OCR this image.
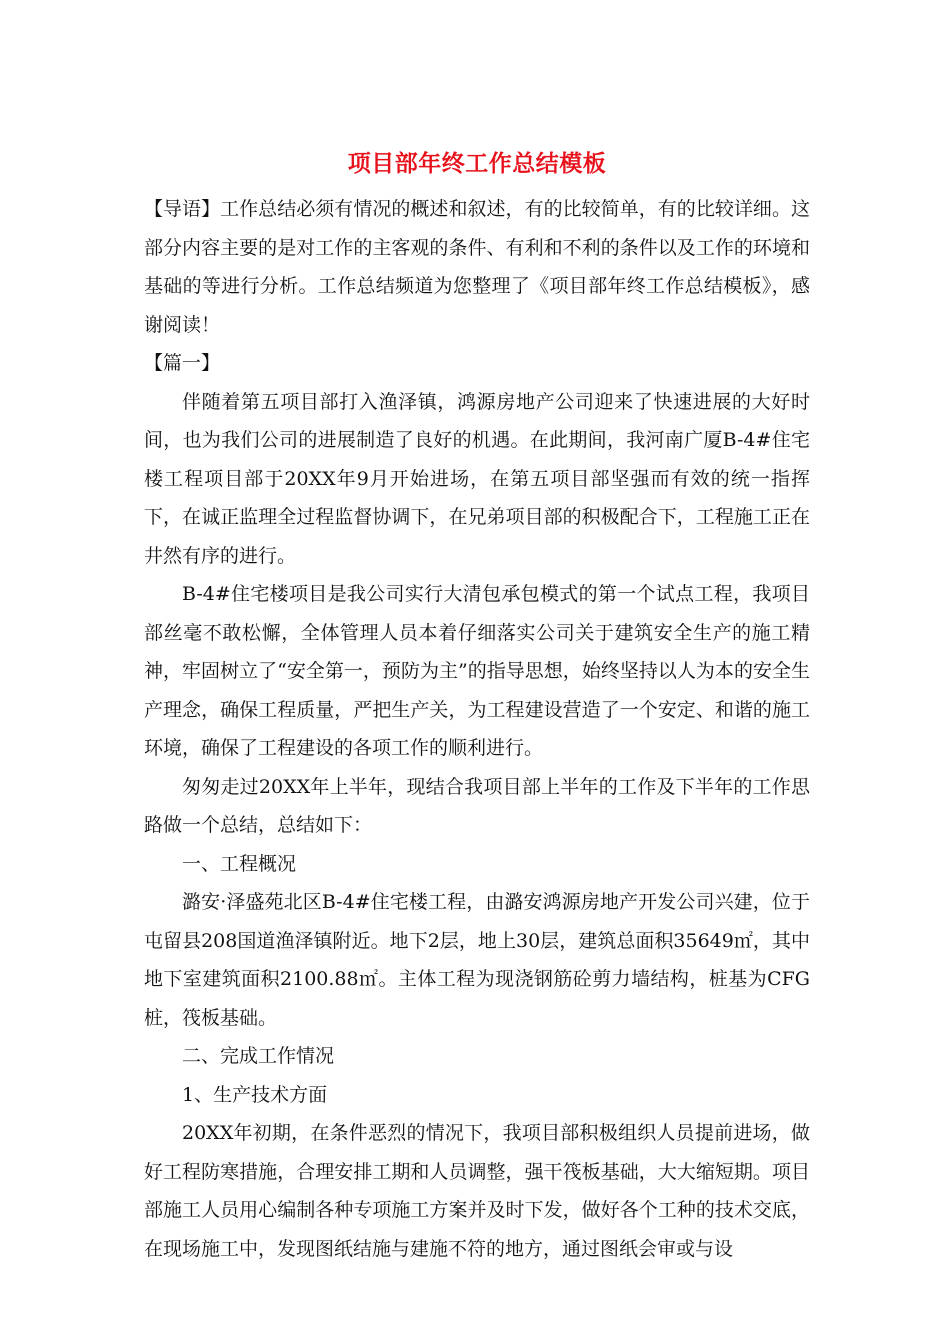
项目部年终工作总结模板

【导语】工作总结必须有情况的概述和叙述，有的比较简单，有的比较详细。这部分内容主要的是对工作的主客观的条件、有利和不利的条件以及工作的环境和基础的等进行分析。工作总结频道为您整理了《项目部年终工作总结模板》，感谢阅读！

【篇一】

伴随着第五项目部打入渔泽镇，鸿源房地产公司迎来了快速进展的大好时间，也为我们公司的进展制造了良好的机遇。在此期间，我河南广厦B-4#住宅楼工程项目部于20XX年9月开始进场，在第五项目部坚强而有效的统一指挥下，在诚正监理全过程监督协调下，在兄弟项目部的积极配合下，工程施工正在井然有序的进行。

B-4#住宅楼项目是我公司实行大清包承包模式的第一个试点工程，我项目部丝毫不敢松懈，全体管理人员本着仔细落实公司关于建筑安全生产的施工精神，牢固树立了“安全第一，预防为主”的指导思想，始终坚持以人为本的安全生产理念，确保工程质量，严把生产关，为工程建设营造了一个安定、和谐的施工环境，确保了工程建设的各项工作的顺利进行。

匆匆走过20XX年上半年，现结合我项目部上半年的工作及下半年的工作思路做一个总结，总结如下：

一、工程概况

潞安·泽盛苑北区B-4#住宅楼工程，由潞安鸿源房地产开发公司兴建，位于屯留县208国道渔泽镇附近。地下2层，地上30层，建筑总面积35649㎡，其中地下室建筑面积2100.88㎡。主体工程为现浇钢筋砼剪力墙结构，桩基为CFG桩，筏板基础。

二、完成工作情况

1、生产技术方面

20XX年初期，在条件恶烈的情况下，我项目部积极组织人员提前进场，做好工程防寒措施，合理安排工期和人员调整，强干筏板基础，大大缩短期。项目部施工人员用心编制各种专项施工方案并及时下发，做好各个工种的技术交底，在现场施工中，发现图纸结施与建施不符的地方，通过图纸会审或与设
